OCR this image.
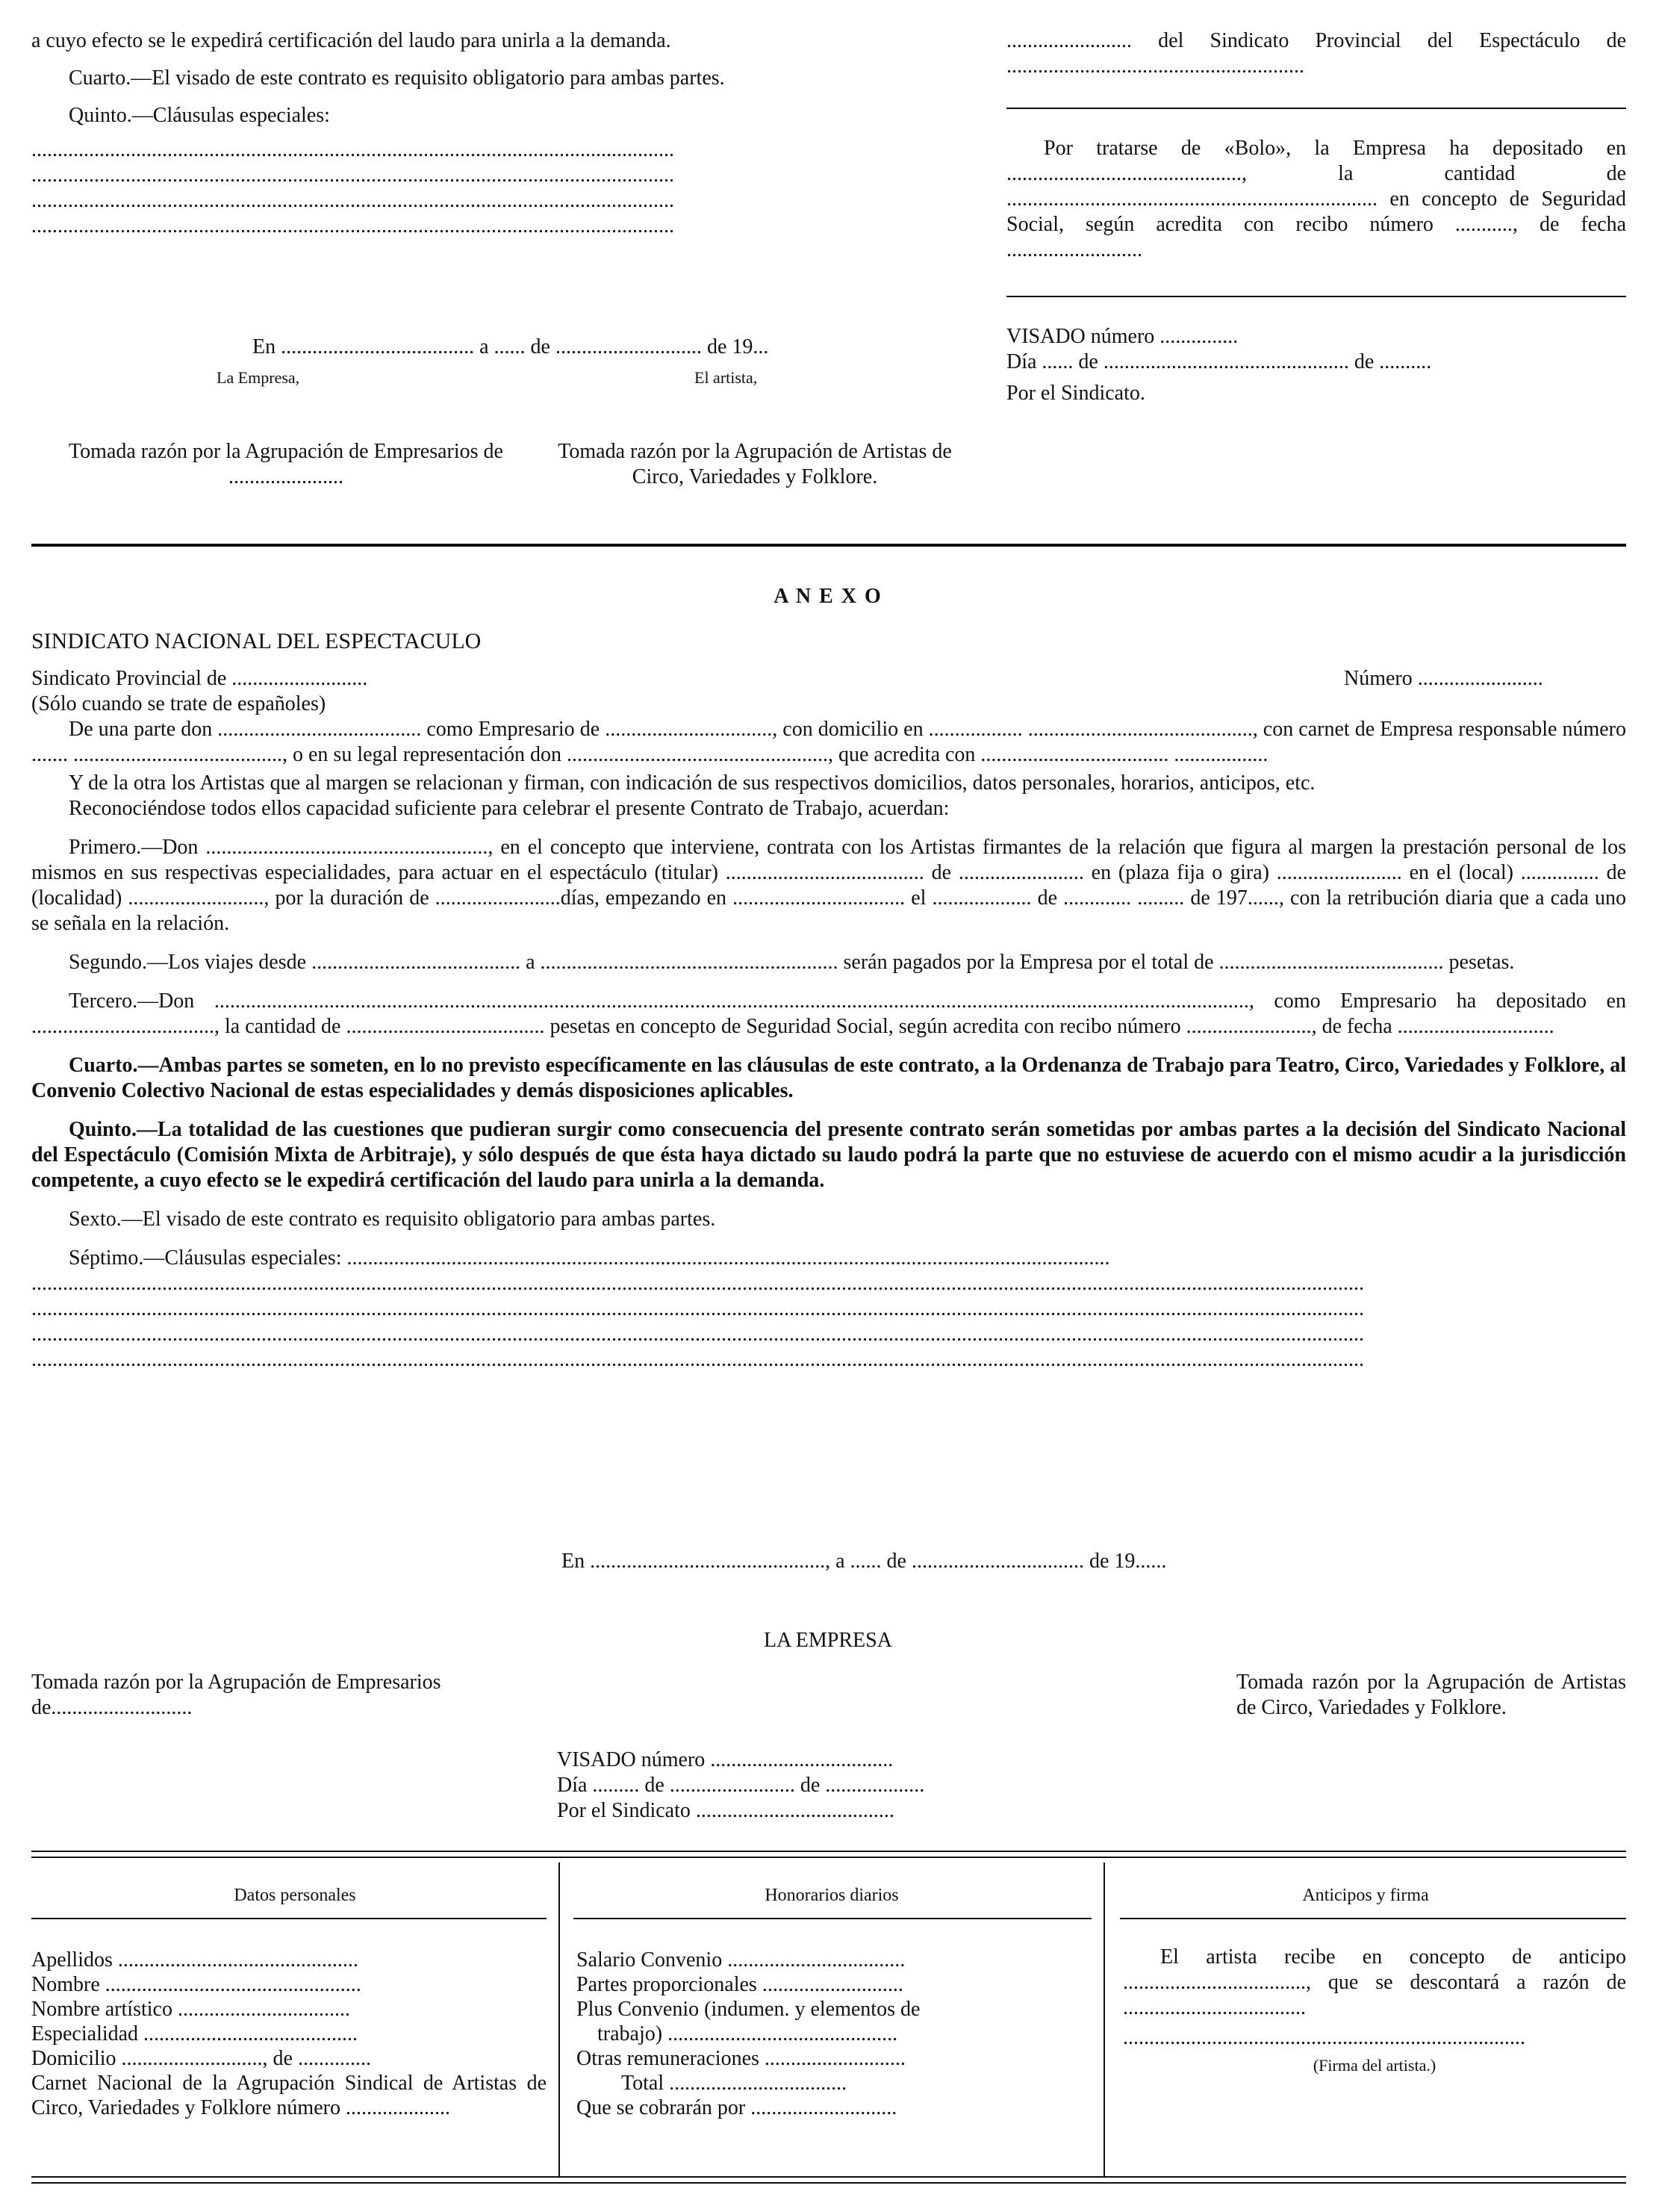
a cuyo efecto se le expedirá certificación del laudo para unirla a la demanda.
Cuarto.—El visado de este contrato es requisito obligatorio para ambas partes.
Quinto.—Cláusulas especiales:
...........................................................................................................................
...........................................................................................................................
...........................................................................................................................
...........................................................................................................................
En ..................................... a ...... de ............................ de 19...
La Empresa,	El artista,
Tomada razón por la Agrupación de Empresarios de ......................
Tomada razón por la Agrupación de Artistas de Circo, Variedades y Folklore.
........................ del Sindicato Provincial del Espectáculo de .........................................................
Por tratarse de «Bolo», la Empresa ha depositado en ............................................., la cantidad de ....................................................................... en concepto de Seguridad Social, según acredita con recibo número ..........., de fecha ..........................
VISADO número ...............
Día ...... de ............................................... de ..........
Por el Sindicato.
A N E X O
SINDICATO NACIONAL DEL ESPECTACULO
Sindicato Provincial de ..........................	Número ........................
(Sólo cuando se trate de españoles)
De una parte don ....................................... como Empresario de ................................, con domicilio en .................. ..........................................., con carnet de Empresa responsable número ....... ........................................, o en su legal representación don .................................................., que acredita con .................................... ..................
Y de la otra los Artistas que al margen se relacionan y firman, con indicación de sus respectivos domicilios, datos personales, horarios, anticipos, etc.
Reconociéndose todos ellos capacidad suficiente para celebrar el presente Contrato de Trabajo, acuerdan:
Primero.—Don ......................................................, en el concepto que interviene, contrata con los Artistas firmantes de la relación que figura al margen la prestación personal de los mismos en sus respectivas especialidades, para actuar en el espectáculo (titular) ...................................... de ........................ en (plaza fija o gira) ........................ en el (local) ............... de (localidad) .........................., por la duración de ........................días, empezando en ................................. el ................... de ............. ......... de 197......, con la retribución diaria que a cada uno se señala en la relación.
Segundo.—Los viajes desde ........................................ a ......................................................... serán pagados por la Empresa por el total de ........................................... pesetas.
Tercero.—Don ......................................................................................................................................................................................................, como Empresario ha depositado en ..................................., la cantidad de ...................................... pesetas en concepto de Seguridad Social, según acredita con recibo número ........................, de fecha ..............................
Cuarto.—Ambas partes se someten, en lo no previsto específicamente en las cláusulas de este contrato, a la Ordenanza de Trabajo para Teatro, Circo, Variedades y Folklore, al Convenio Colectivo Nacional de estas especialidades y demás disposiciones aplicables.
Quinto.—La totalidad de las cuestiones que pudieran surgir como consecuencia del presente contrato serán sometidas por ambas partes a la decisión del Sindicato Nacional del Espectáculo (Comisión Mixta de Arbitraje), y sólo después de que ésta haya dictado su laudo podrá la parte que no estuviese de acuerdo con el mismo acudir a la jurisdicción competente, a cuyo efecto se le expedirá certificación del laudo para unirla a la demanda.
Sexto.—El visado de este contrato es requisito obligatorio para ambas partes.
Séptimo.—Cláusulas especiales: ..................................................................................................................................................
...............................................................................................................................................................................................................................................................
...............................................................................................................................................................................................................................................................
...............................................................................................................................................................................................................................................................
...............................................................................................................................................................................................................................................................
En ............................................., a ...... de ................................. de 19......
LA EMPRESA
Tomada razón por la Agrupación de Empresarios de...........................
Tomada razón por la Agrupación de Artistas de Circo, Variedades y Folklore.
VISADO número ...................................
Día ......... de ........................ de ...................
Por el Sindicato ......................................
Datos personales	Honorarios diarios	Anticipos y firma
Apellidos ..............................................
Nombre .................................................
Nombre artístico .................................
Especialidad .........................................
Domicilio ..........................., de ..............
Carnet Nacional de la Agrupación Sindical de Artistas de Circo, Variedades y Folklore número ....................
Salario Convenio ..................................
Partes proporcionales ...........................
Plus Convenio (indumen. y elementos de
trabajo) ............................................
Otras remuneraciones ...........................
Total ..................................
Que se cobrarán por ............................
El artista recibe en concepto de anticipo ..................................., que se descontará a razón de ...................................
.............................................................................
(Firma del artista.)
